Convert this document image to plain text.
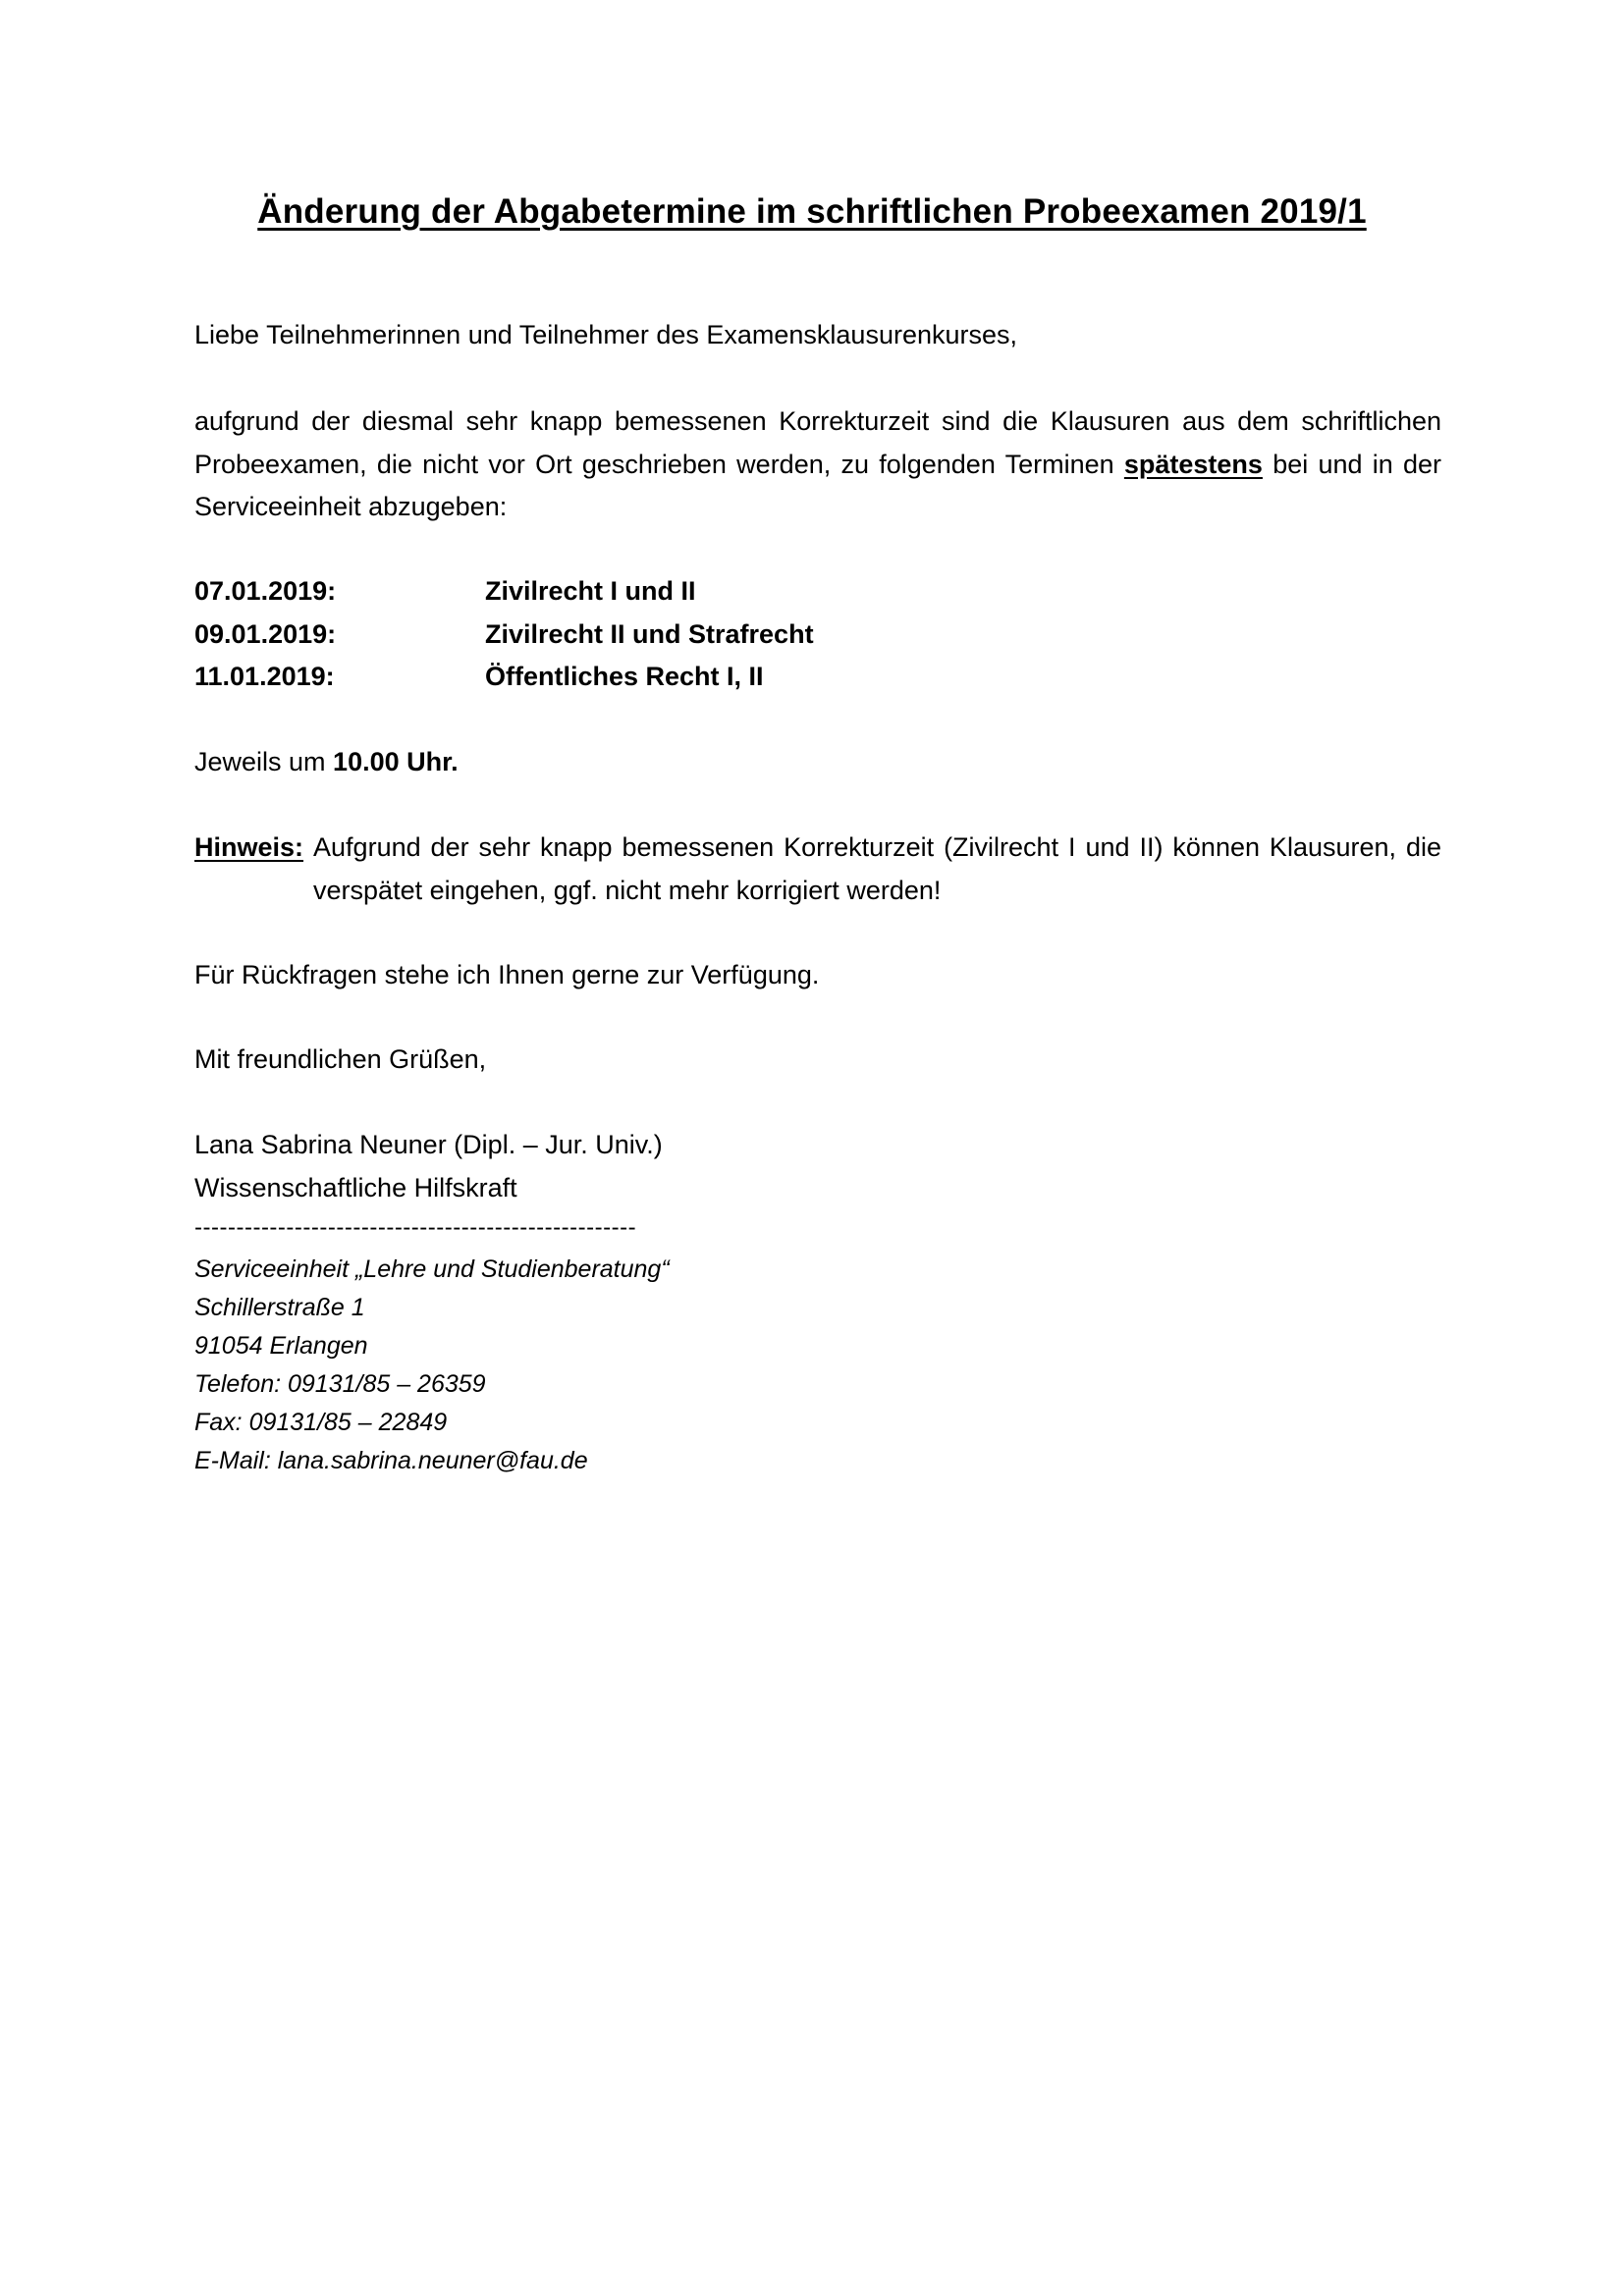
Änderung der Abgabetermine im schriftlichen Probeexamen 2019/1
Liebe Teilnehmerinnen und Teilnehmer des Examensklausurenkurses,
aufgrund der diesmal sehr knapp bemessenen Korrekturzeit sind die Klausuren aus dem schriftlichen Probeexamen, die nicht vor Ort geschrieben werden, zu folgenden Terminen spätestens bei und in der Serviceeinheit abzugeben:
07.01.2019:	Zivilrecht I und II
09.01.2019:	Zivilrecht II und Strafrecht
11.01.2019:	Öffentliches Recht I, II
Jeweils um 10.00 Uhr.
Hinweis: Aufgrund der sehr knapp bemessenen Korrekturzeit (Zivilrecht I und II) können Klausuren, die verspätet eingehen, ggf. nicht mehr korrigiert werden!
Für Rückfragen stehe ich Ihnen gerne zur Verfügung.
Mit freundlichen Grüßen,
Lana Sabrina Neuner (Dipl. – Jur. Univ.)
Wissenschaftliche Hilfskraft
-----------------------------------------------------
Serviceeinheit „Lehre und Studienberatung“
Schillerstraße 1
91054 Erlangen
Telefon: 09131/85 – 26359
Fax: 09131/85 – 22849
E-Mail: lana.sabrina.neuner@fau.de
